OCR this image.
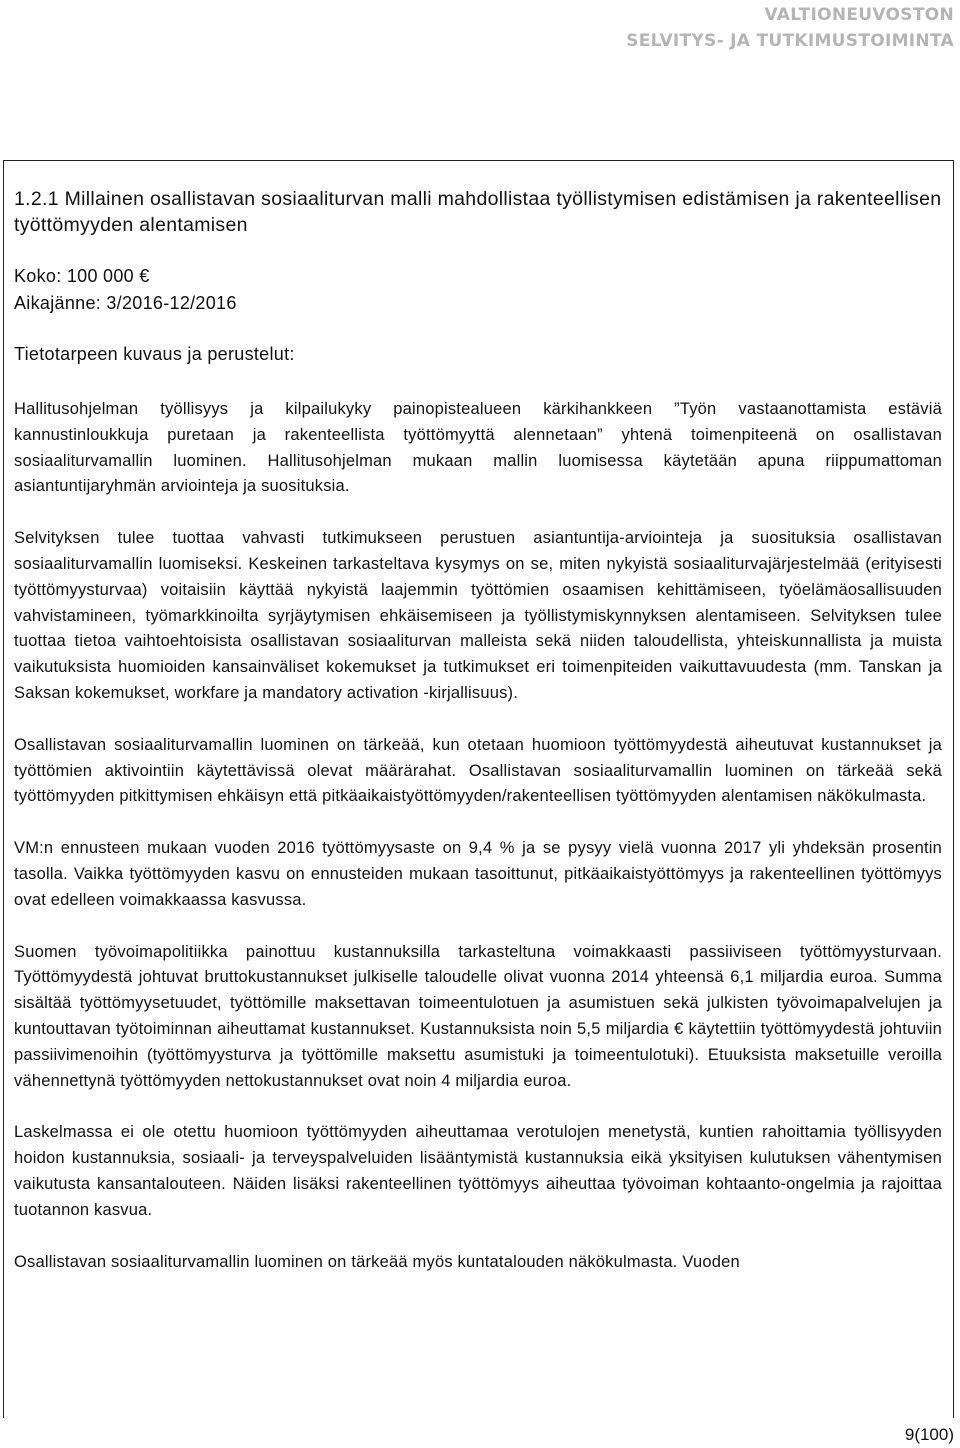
VALTIONEUVOSTON
SELVITYS- JA TUTKIMUSTOIMINTA
1.2.1 Millainen osallistavan sosiaaliturvan malli mahdollistaa työllistymisen edistämisen ja rakenteellisen työttömyyden alentamisen
Koko: 100 000 €
Aikajänne: 3/2016-12/2016
Tietotarpeen kuvaus ja perustelut:

Hallitusohjelman työllisyys ja kilpailukyky painopistealueen kärkihankkeen ”Työn vastaanottamista estäviä kannustinloukkuja puretaan ja rakenteellista työttömyyttä alennetaan” yhtenä toimenpiteenä on osallistavan sosiaaliturvamallin luominen. Hallitusohjelman mukaan mallin luomisessa käytetään apuna riippumattoman asiantuntijaryhmän arviointeja ja suosituksia.

Selvityksen tulee tuottaa vahvasti tutkimukseen perustuen asiantuntija-arviointeja ja suosituksia osallistavan sosiaaliturvamallin luomiseksi. Keskeinen tarkasteltava kysymys on se, miten nykyistä sosiaaliturvajärjestelmää (erityisesti työttömyysturvaa) voitaisiin käyttää nykyistä laajemmin työttömien osaamisen kehittämiseen, työelämäosallisuuden vahvistamineen, työmarkkinoilta syrjäytymisen ehkäisemiseen ja työllistymiskynnyksen alentamiseen. Selvityksen tulee tuottaa tietoa vaihtoehtoisista osallistavan sosiaaliturvan malleista sekä niiden taloudellista, yhteiskunnallista ja muista vaikutuksista huomioiden kansainväliset kokemukset ja tutkimukset eri toimenpiteiden vaikuttavuudesta (mm. Tanskan ja Saksan kokemukset, workfare ja mandatory activation -kirjallisuus).

Osallistavan sosiaaliturvamallin luominen on tärkeää, kun otetaan huomioon työttömyydestä aiheutuvat kustannukset ja työttömien aktivointiin käytettävissä olevat määrärahat. Osallistavan sosiaaliturvamallin luominen on tärkeää sekä työttömyyden pitkittymisen ehkäisyn että pitkäaikaistyöttömyyden/rakenteellisen työttömyyden alentamisen näkökulmasta.

VM:n ennusteen mukaan vuoden 2016 työttömyysaste on 9,4 % ja se pysyy vielä vuonna 2017 yli yhdeksän prosentin tasolla. Vaikka työttömyyden kasvu on ennusteiden mukaan tasoittunut, pitkäaikaistyöttömyys ja rakenteellinen työttömyys ovat edelleen voimakkaassa kasvussa.

Suomen työvoimapolitiikka painottuu kustannuksilla tarkasteltuna voimakkaasti passiiviseen työttömyysturvaan. Työttömyydestä johtuvat bruttokustannukset julkiselle taloudelle olivat vuonna 2014 yhteensä 6,1 miljardia euroa. Summa sisältää työttömyysetuudet, työttömille maksettavan toimeentulotuen ja asumistuen sekä julkisten työvoimapalvelujen ja kuntouttavan työtoiminnan aiheuttamat kustannukset. Kustannuksista noin 5,5 miljardia € käytettiin työttömyydestä johtuviin passiivimenoihin (työttömyysturva ja työttömille maksettu asumistuki ja toimeentulotuki). Etuuksista maksetuille veroilla vähennettynä työttömyyden nettokustannukset ovat noin 4 miljardia euroa.

Laskelmassa ei ole otettu huomioon työttömyyden aiheuttamaa verotulojen menetystä, kuntien rahoittamia työllisyyden hoidon kustannuksia, sosiaali- ja terveyspalveluiden lisääntymistä kustannuksia eikä yksityisen kulutuksen vähentymisen vaikutusta kansantalouteen. Näiden lisäksi rakenteellinen työttömyys aiheuttaa työvoiman kohtaanto-ongelmia ja rajoittaa tuotannon kasvua.

Osallistavan sosiaaliturvamallin luominen on tärkeää myös kuntatalouden näkökulmasta. Vuoden

9(100)
